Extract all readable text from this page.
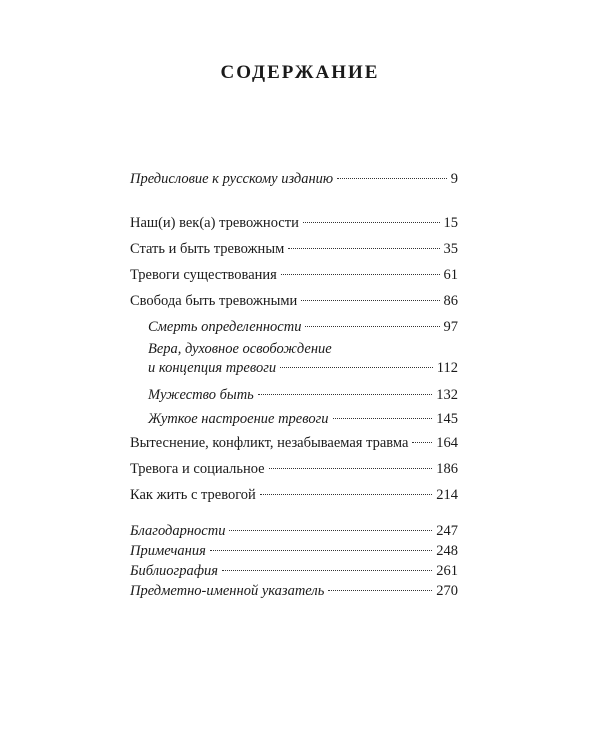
СОДЕРЖАНИЕ
Предисловие к русскому изданию	9
Наш(и) век(а) тревожности	15
Стать и быть тревожным	35
Тревоги существования	61
Свобода быть тревожными	86
Смерть определенности	97
Вера, духовное освобождение
и концепция тревоги	112
Мужество быть	132
Жуткое настроение тревоги	145
Вытеснение, конфликт, незабываемая травма 164
Тревога и социальное	186
Как жить с тревогой	214
Благодарности	247
Примечания	248
Библиография	261
Предметно-именной указатель	270
